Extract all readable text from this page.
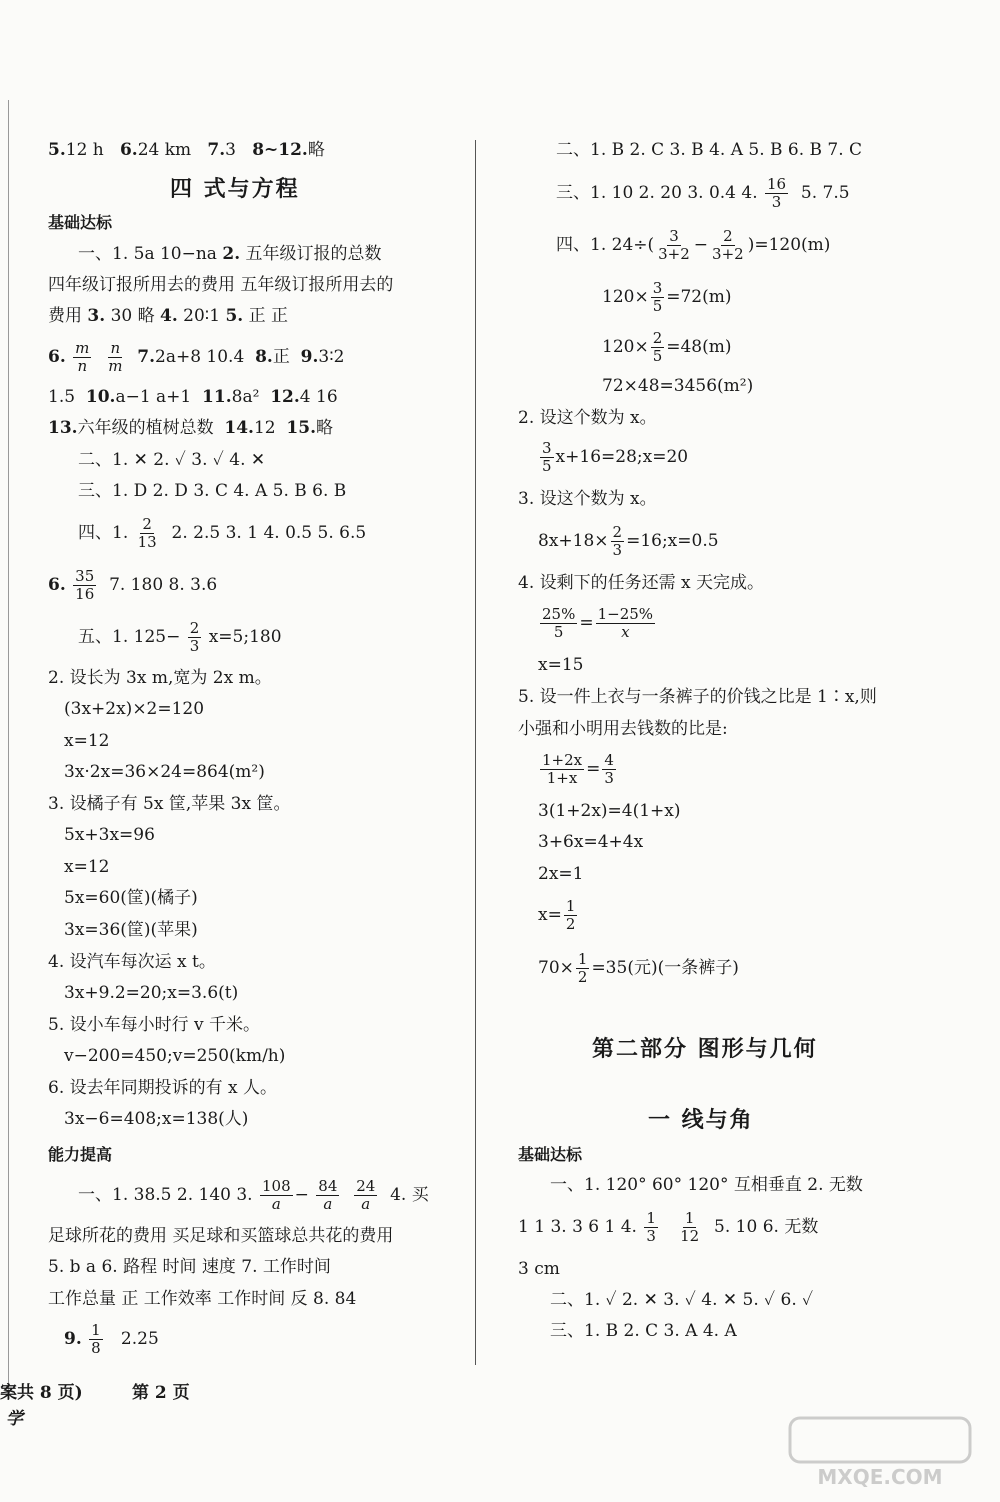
5.12 h 6.24 km 7.3 8~12.略
四 式与方程
基础达标
一、1. 5a 10−na 2. 五年级订报的总数
四年级订报所用去的费用 五年级订报所用去的
费用 3. 30 略 4. 20∶1 5. 正 正
6. $\frac{m}{n}$
$\frac{n}{m} 7.2a+8$ 10.4 8.正 9.3∶2
1.5 10.a−1 a+1 11.8a² 12.4 16
13.六年级的植树总数 14.12 15.略
二、1. ✕ 2. ✓ 3. ✓ 4. ✕
三、1. D 2. D 3. C 4. A 5. B 6. B
四、1. $\frac{2}{13} 2$. 2.5 3. 1 4. 0.5 5. 6.5
6. $\frac{35}{16} 7$. 180 8. 3.6
五、1. $125- \frac{2}{3}$ x=5;180
2. 设长为 3x m,宽为 2x m。
(3x+2x)×2=120
x=12
3x·2x=36×24=864(m²)
3. 设橘子有 5x 筐,苹果 3x 筐。
5x+3x=96
x=12
5x=60(筐)(橘子)
3x=36(筐)(苹果)
4. 设汽车每次运 x t。
3x+9.2=20;x=3.6(t)
5. 设小车每小时行 v 千米。
v−200=450;v=250(km/h)
6. 设去年同期投诉的有 x 人。
3x−6=408;x=138(人)
能力提高
一、1. 38.5 2. 140 3. $\frac{108}{a} - \frac{84}{a}$
$\frac{24}{a} 4$. 买
足球所花的费用 买足球和买篮球总共花的费用
5. b a 6. 路程 时间 速度 7. 工作时间
工作总量 正 工作效率 工作时间 反 8. 84
9. $\frac{1}{8} 2.25$
二、1. B 2. C 3. B 4. A 5. B 6. B 7. C
三、1. 10 2. 20 3. 0.4 4. $\frac{16}{3} 5$. 7.5
四、1. $24\div( \frac{3}{3+2} - \frac{2}{3+2} )=120(m)$
$120\times \frac{3}{5} =72(m)$
$120\times \frac{2}{5} =48(m)$
72×48=3456(m²)
2. 设这个数为 x。
$\frac{3}{5}$ x+16=28;x=20
3. 设这个数为 x。
$8x+18\times \frac{2}{3}$ =16;x=0.5
4. 设剩下的任务还需 x 天完成。
$\frac{25\%}{5} = \frac{1-25\%}{x}$
x=15
5. 设一件上衣与一条裤子的价钱之比是 1∶x,则
小强和小明用去钱数的比是:
$\frac{1+2x}{1+x} = \frac{4}{3}$
3(1+2x)=4(1+x)
3+6x=4+4x
2x=1
$x= \frac{1}{2}$
$70\times \frac{1}{2} =35$(元)(一条裤子)
第二部分 图形与几何
一 线与角
基础达标
一、1. 120° 60° 120° 互相垂直 2. 无数
1 1 3. 3 6 1 4. $\frac{1}{3}$
$\frac{1}{12} 5$. 10 6. 无数
3 cm
二、1. ✓ 2. ✕ 3. ✓ 4. ✕ 5. ✓ 6. ✓
三、1. B 2. C 3. A 4. A
案共 8 页)	第 2 页
学
MXQE.COM
